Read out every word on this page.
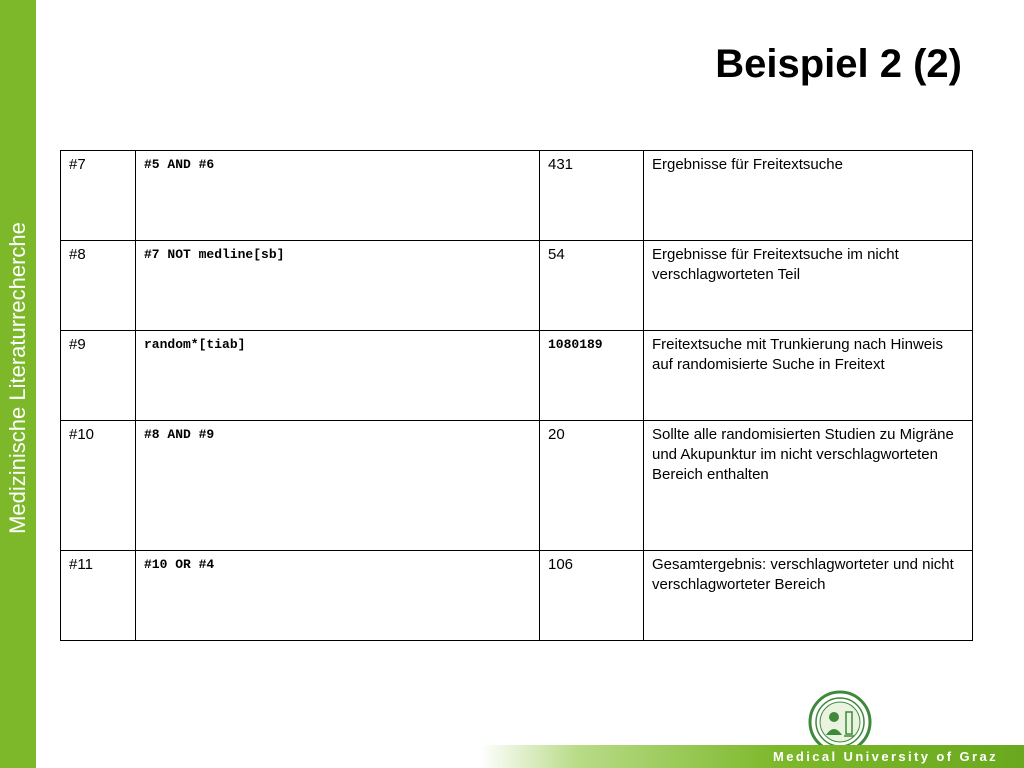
Medizinische Literaturrecherche
Beispiel 2 (2)
#7	#5 AND #6	431	Ergebnisse für Freitextsuche
#8	#7 NOT medline[sb]	54	Ergebnisse für Freitextsuche im nicht verschlagworteten Teil
#9	random*[tiab]	1080189	Freitextsuche mit Trunkierung nach Hinweis auf randomisierte Suche in Freitext
#10	#8 AND #9	20	Sollte alle randomisierten Studien zu Migräne und Akupunktur im nicht verschlagworteten Bereich enthalten
#11	#10 OR #4	106	Gesamtergebnis: verschlagworteter und nicht verschlagworteter Bereich
Medical University of Graz
